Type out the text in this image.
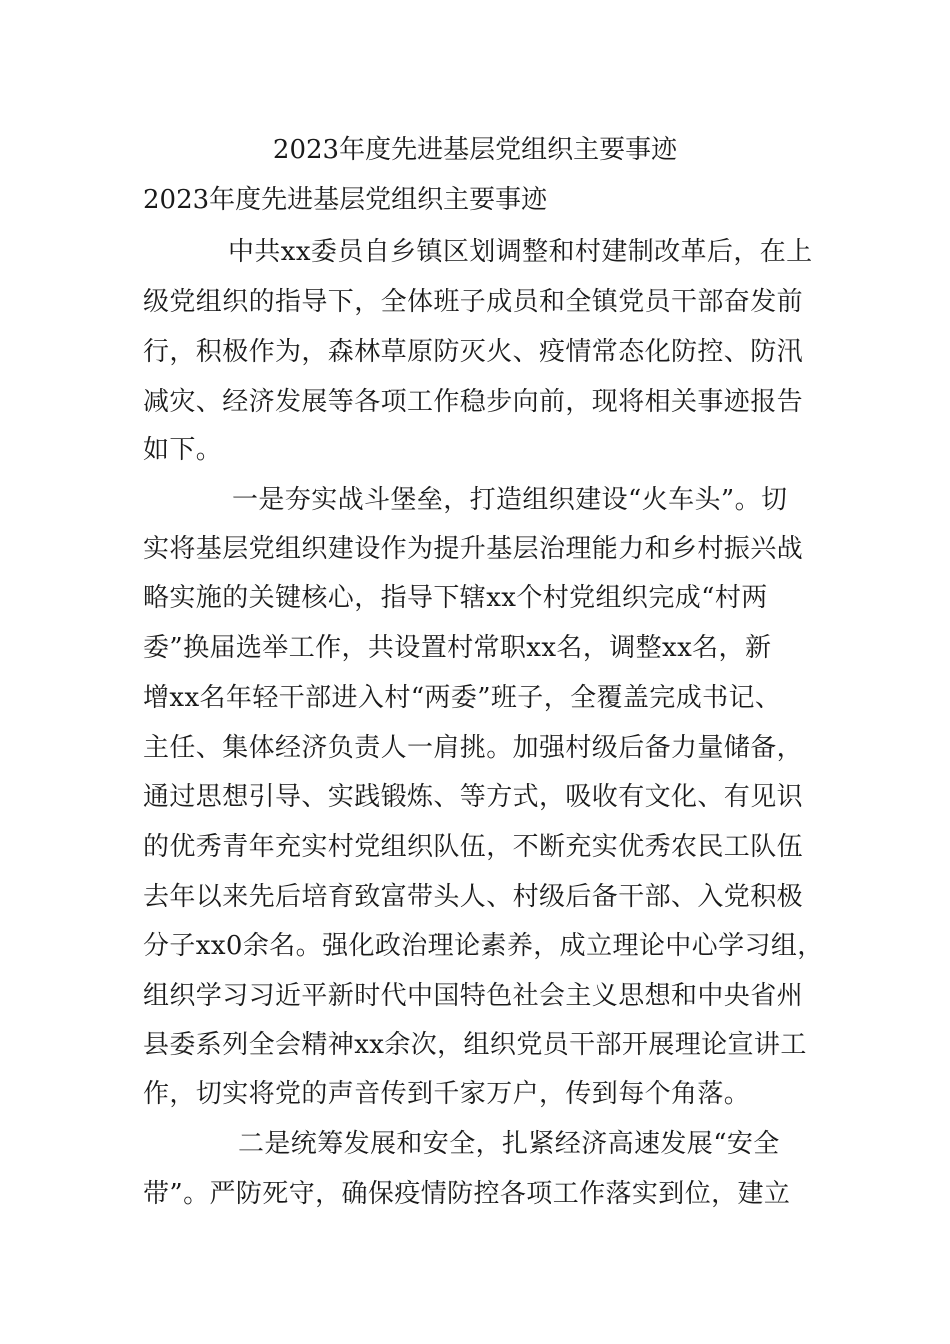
2023年度先进基层党组织主要事迹
2023年度先进基层党组织主要事迹
中共xx委员自乡镇区划调整和村建制改革后，在上
级党组织的指导下，全体班子成员和全镇党员干部奋发前
行，积极作为，森林草原防灭火、疫情常态化防控、防汛
减灾、经济发展等各项工作稳步向前，现将相关事迹报告
如下。
一是夯实战斗堡垒，打造组织建设“火车头”。切
实将基层党组织建设作为提升基层治理能力和乡村振兴战
略实施的关键核心，指导下辖xx个村党组织完成“村两
委”换届选举工作，共设置村常职xx名，调整xx名，新
增xx名年轻干部进入村“两委”班子，全覆盖完成书记、
主任、集体经济负责人一肩挑。加强村级后备力量储备，
通过思想引导、实践锻炼、等方式，吸收有文化、有见识
的优秀青年充实村党组织队伍，不断充实优秀农民工队伍
去年以来先后培育致富带头人、村级后备干部、入党积极
分子xx0余名。强化政治理论素养，成立理论中心学习组，
组织学习习近平新时代中国特色社会主义思想和中央省州
县委系列全会精神xx余次，组织党员干部开展理论宣讲工
作，切实将党的声音传到千家万户，传到每个角落。
二是统筹发展和安全，扎紧经济高速发展“安全
带”。严防死守，确保疫情防控各项工作落实到位，建立
